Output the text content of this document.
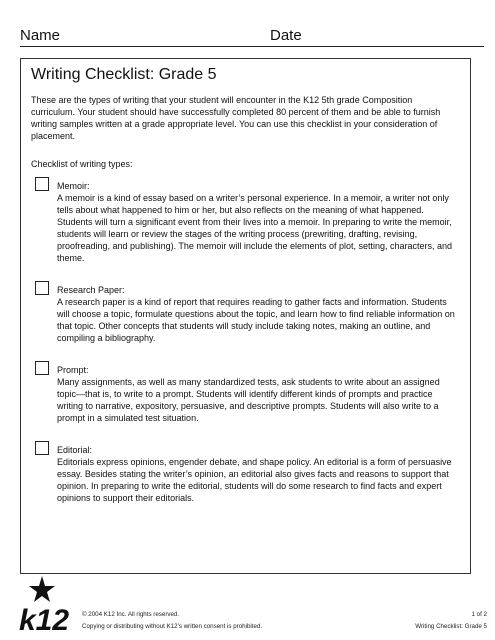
Name	Date
Writing Checklist: Grade 5
These are the types of writing that your student will encounter in the K12 5th grade Composition curriculum. Your student should have successfully completed 80 percent of them and be able to furnish writing samples written at a grade appropriate level. You can use this checklist in your consideration of placement.
Checklist of writing types:
Memoir:
A memoir is a kind of essay based on a writer’s personal experience. In a memoir, a writer not only tells about what happened to him or her, but also reflects on the meaning of what happened. Students will turn a significant event from their lives into a memoir. In preparing to write the memoir, students will learn or review the stages of the writing process (prewriting, drafting, revising, proofreading, and publishing). The memoir will include the elements of plot, setting, characters, and theme.
Research Paper:
A research paper is a kind of report that requires reading to gather facts and information. Students will choose a topic, formulate questions about the topic, and learn how to find reliable information on that topic. Other concepts that students will study include taking notes, making an outline, and compiling a bibliography.
Prompt:
Many assignments, as well as many standardized tests, ask students to write about an assigned topic—that is, to write to a prompt. Students will identify different kinds of prompts and practice writing to narrative, expository, persuasive, and descriptive prompts. Students will also write to a prompt in a simulated test situation.
Editorial:
Editorials express opinions, engender debate, and shape policy. An editorial is a form of persuasive essay. Besides stating the writer’s opinion, an editorial also gives facts and reasons to support that opinion. In preparing to write the editorial, students will do some research to find facts and expert opinions to support their editorials.
k12 © 2004 K12 Inc. All rights reserved.
Copying or distributing without K12’s written consent is prohibited.
1 of 2
Writing Checklist: Grade 5
